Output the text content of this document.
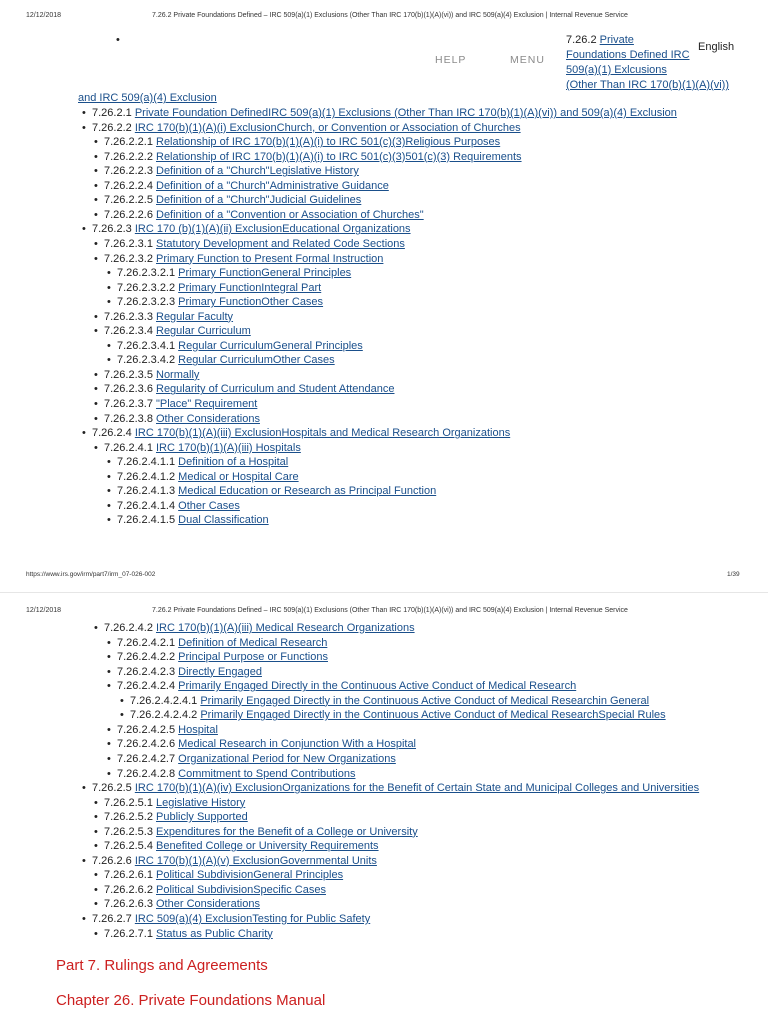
12/12/2018	7.26.2 Private Foundations Defined – IRC 509(a)(1) Exclusions (Other Than IRC 170(b)(1)(A)(vi)) and IRC 509(a)(4) Exclusion | Internal Revenue Service
•
HELP	MENU
7.26.2 Private
Foundations Defined IRC
509(a)(1) Exlcusions
(Other Than IRC 170(b)(1)(A)(vi))
English
and IRC 509(a)(4) Exclusion
• 7.26.2.1 Private Foundation DefinedIRC 509(a)(1) Exclusions (Other Than IRC 170(b)(1)(A)(vi)) and 509(a)(4) Exclusion
• 7.26.2.2 IRC 170(b)(1)(A)(i) ExclusionChurch, or Convention or Association of Churches
• 7.26.2.2.1 Relationship of IRC 170(b)(1)(A)(i) to IRC 501(c)(3)Religious Purposes
• 7.26.2.2.2 Relationship of IRC 170(b)(1)(A)(i) to IRC 501(c)(3)501(c)(3) Requirements
• 7.26.2.2.3 Definition of a "Church"Legislative History
• 7.26.2.2.4 Definition of a "Church"Administrative Guidance
• 7.26.2.2.5 Definition of a "Church"Judicial Guidelines
• 7.26.2.2.6 Definition of a "Convention or Association of Churches"
• 7.26.2.3 IRC 170 (b)(1)(A)(ii) ExclusionEducational Organizations
• 7.26.2.3.1 Statutory Development and Related Code Sections
• 7.26.2.3.2 Primary Function to Present Formal Instruction
• 7.26.2.3.2.1 Primary FunctionGeneral Principles
• 7.26.2.3.2.2 Primary FunctionIntegral Part
• 7.26.2.3.2.3 Primary FunctionOther Cases
• 7.26.2.3.3 Regular Faculty
• 7.26.2.3.4 Regular Curriculum
• 7.26.2.3.4.1 Regular CurriculumGeneral Principles
• 7.26.2.3.4.2 Regular CurriculumOther Cases
• 7.26.2.3.5 Normally
• 7.26.2.3.6 Regularity of Curriculum and Student Attendance
• 7.26.2.3.7 "Place" Requirement
• 7.26.2.3.8 Other Considerations
• 7.26.2.4 IRC 170(b)(1)(A)(iii) ExclusionHospitals and Medical Research Organizations
• 7.26.2.4.1 IRC 170(b)(1)(A)(iii) Hospitals
• 7.26.2.4.1.1 Definition of a Hospital
• 7.26.2.4.1.2 Medical or Hospital Care
• 7.26.2.4.1.3 Medical Education or Research as Principal Function
• 7.26.2.4.1.4 Other Cases
• 7.26.2.4.1.5 Dual Classification
https://www.irs.gov/irm/part7/irm_07-026-002	1/39
12/12/2018	7.26.2 Private Foundations Defined – IRC 509(a)(1) Exclusions (Other Than IRC 170(b)(1)(A)(vi)) and IRC 509(a)(4) Exclusion | Internal Revenue Service
• 7.26.2.4.2 IRC 170(b)(1)(A)(iii) Medical Research Organizations
• 7.26.2.4.2.1 Definition of Medical Research
• 7.26.2.4.2.2 Principal Purpose or Functions
• 7.26.2.4.2.3 Directly Engaged
• 7.26.2.4.2.4 Primarily Engaged Directly in the Continuous Active Conduct of Medical Research
• 7.26.2.4.2.4.1 Primarily Engaged Directly in the Continuous Active Conduct of Medical Researchin General
• 7.26.2.4.2.4.2 Primarily Engaged Directly in the Continuous Active Conduct of Medical ResearchSpecial Rules
• 7.26.2.4.2.5 Hospital
• 7.26.2.4.2.6 Medical Research in Conjunction With a Hospital
• 7.26.2.4.2.7 Organizational Period for New Organizations
• 7.26.2.4.2.8 Commitment to Spend Contributions
• 7.26.2.5 IRC 170(b)(1)(A)(iv) ExclusionOrganizations for the Benefit of Certain State and Municipal Colleges and Universities
• 7.26.2.5.1 Legislative History
• 7.26.2.5.2 Publicly Supported
• 7.26.2.5.3 Expenditures for the Benefit of a College or University
• 7.26.2.5.4 Benefited College or University Requirements
• 7.26.2.6 IRC 170(b)(1)(A)(v) ExclusionGovernmental Units
• 7.26.2.6.1 Political SubdivisionGeneral Principles
• 7.26.2.6.2 Political SubdivisionSpecific Cases
• 7.26.2.6.3 Other Considerations
• 7.26.2.7 IRC 509(a)(4) ExclusionTesting for Public Safety
• 7.26.2.7.1 Status as Public Charity
Part 7. Rulings and Agreements
Chapter 26. Private Foundations Manual
